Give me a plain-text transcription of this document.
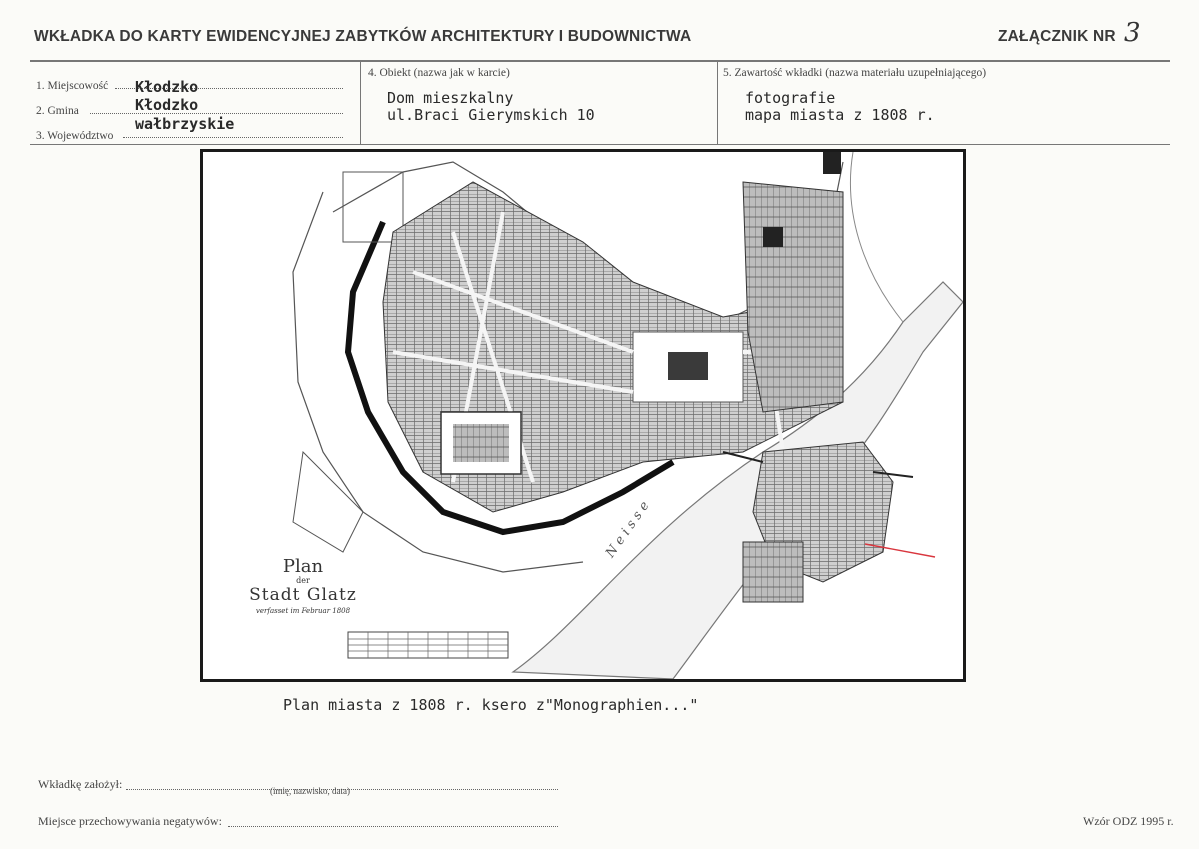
WKŁADKA DO KARTY EWIDENCYJNEJ ZABYTKÓW ARCHITEKTURY I BUDOWNICTWA	ZAŁĄCZNIK NR 3
1. Miejscowość	Kłodzko
2. Gmina	Kłodzko
3. Województwo
wałbrzyskie
4. Obiekt (nazwa jak w karcie)
Dom mieszkalny
ul.Braci Gierymskich 10
5. Zawartość wkładki (nazwa materiału uzupełniającego)
fotografie
mapa miasta z 1808 r.
Plan
der
Stadt Glatz
verfasset im Februar 1808
N e i s s e
Plan miasta z 1808 r. ksero z"Monographien..."
Wkładkę założył:	(imię, nazwisko, data)
Miejsce przechowywania negatywów:	Wzór ODZ 1995 r.
